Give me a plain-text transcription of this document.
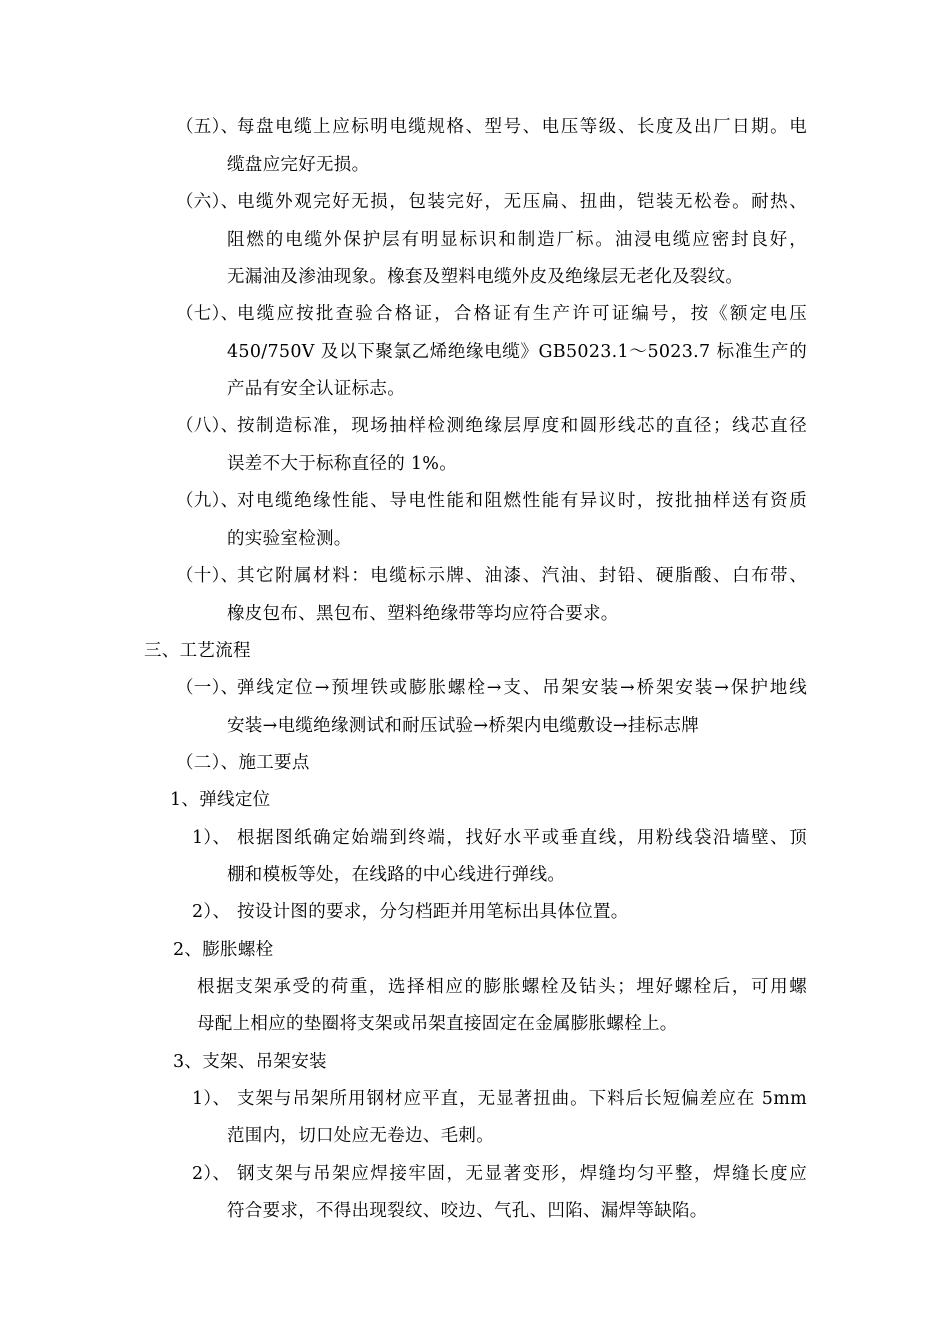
（五）、
每盘电缆上应标明电缆规格、型号、电压等级、长度及出厂日期。电
缆盘应完好无损。
（六）、
电缆外观完好无损，包装完好，无压扁、扭曲，铠装无松卷。耐热、
阻燃的电缆外保护层有明显标识和制造厂标。油浸电缆应密封良好，
无漏油及渗油现象。橡套及塑料电缆外皮及绝缘层无老化及裂纹。
（七）、
电缆应按批查验合格证，合格证有生产许可证编号，按《额定电压
450/750V 及以下聚氯乙烯绝缘电缆》GB5023.1～5023.7 标准生产的
产品有安全认证标志。
（八）、
按制造标准，现场抽样检测绝缘层厚度和圆形线芯的直径；线芯直径
误差不大于标称直径的 1%。
（九）、
对电缆绝缘性能、导电性能和阻燃性能有异议时，按批抽样送有资质
的实验室检测。
（十）、
其它附属材料：电缆标示牌、油漆、汽油、封铅、硬脂酸、白布带、
橡皮包布、黑包布、塑料绝缘带等均应符合要求。
三、工艺流程
（一）、
弹线定位→预埋铁或膨胀螺栓→支、吊架安装→桥架安装→保护地线
安装→电缆绝缘测试和耐压试验→桥架内电缆敷设→挂标志牌
（二）、施工要点
1、弹线定位
1）、 根据图纸确定始端到终端，找好水平或垂直线，用粉线袋沿墙壁、顶
棚和模板等处，在线路的中心线进行弹线。
2）、 按设计图的要求，分匀档距并用笔标出具体位置。
2、膨胀螺栓
根据支架承受的荷重，选择相应的膨胀螺栓及钻头；埋好螺栓后，可用螺
母配上相应的垫圈将支架或吊架直接固定在金属膨胀螺栓上。
3、支架、吊架安装
1）、 支架与吊架所用钢材应平直，无显著扭曲。下料后长短偏差应在 5mm
范围内，切口处应无卷边、毛刺。
2）、 钢支架与吊架应焊接牢固，无显著变形，焊缝均匀平整，焊缝长度应
符合要求，不得出现裂纹、咬边、气孔、凹陷、漏焊等缺陷。
